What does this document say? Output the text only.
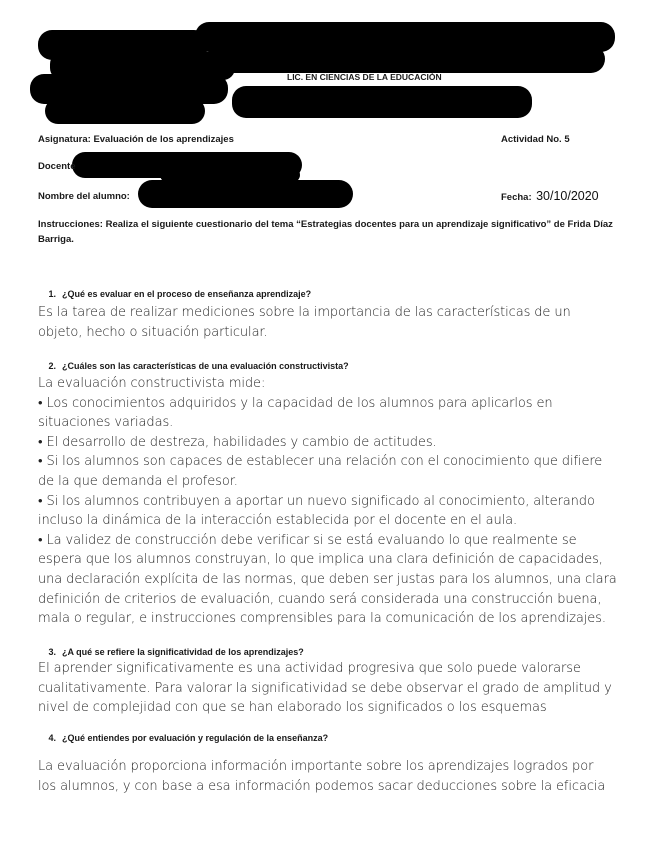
LIC. EN CIENCIAS DE LA EDUCACIÓN
Asignatura: Evaluación de los aprendizajes	Actividad No. 5
Docente
Nombre del alumno:	Fecha: 30/10/2020
Instrucciones: Realiza el siguiente cuestionario del tema “Estrategias docentes para un aprendizaje significativo” de Frida Díaz Barriga.
1. ¿Qué es evaluar en el proceso de enseñanza aprendizaje?

Es la tarea de realizar mediciones sobre la importancia de las características de un objeto, hecho o situación particular.

2. ¿Cuáles son las características de una evaluación constructivista?

La evaluación constructivista mide:

• Los conocimientos adquiridos y la capacidad de los alumnos para aplicarlos en situaciones variadas.

• El desarrollo de destreza, habilidades y cambio de actitudes.

• Si los alumnos son capaces de establecer una relación con el conocimiento que difiere de la que demanda el profesor.

• Si los alumnos contribuyen a aportar un nuevo significado al conocimiento, alterando incluso la dinámica de la interacción establecida por el docente en el aula.

• La validez de construcción debe verificar si se está evaluando lo que realmente se espera que los alumnos construyan, lo que implica una clara definición de capacidades, una declaración explícita de las normas, que deben ser justas para los alumnos, una clara definición de criterios de evaluación, cuando será considerada una construcción buena, mala o regular, e instrucciones comprensibles para la comunicación de los aprendizajes.

3. ¿A qué se refiere la significatividad de los aprendizajes?

El aprender significativamente es una actividad progresiva que solo puede valorarse cualitativamente. Para valorar la significatividad se debe observar el grado de amplitud y nivel de complejidad con que se han elaborado los significados o los esquemas

4. ¿Qué entiendes por evaluación y regulación de la enseñanza?

La evaluación proporciona información importante sobre los aprendizajes logrados por los alumnos, y con base a esa información podemos sacar deducciones sobre la eficacia
